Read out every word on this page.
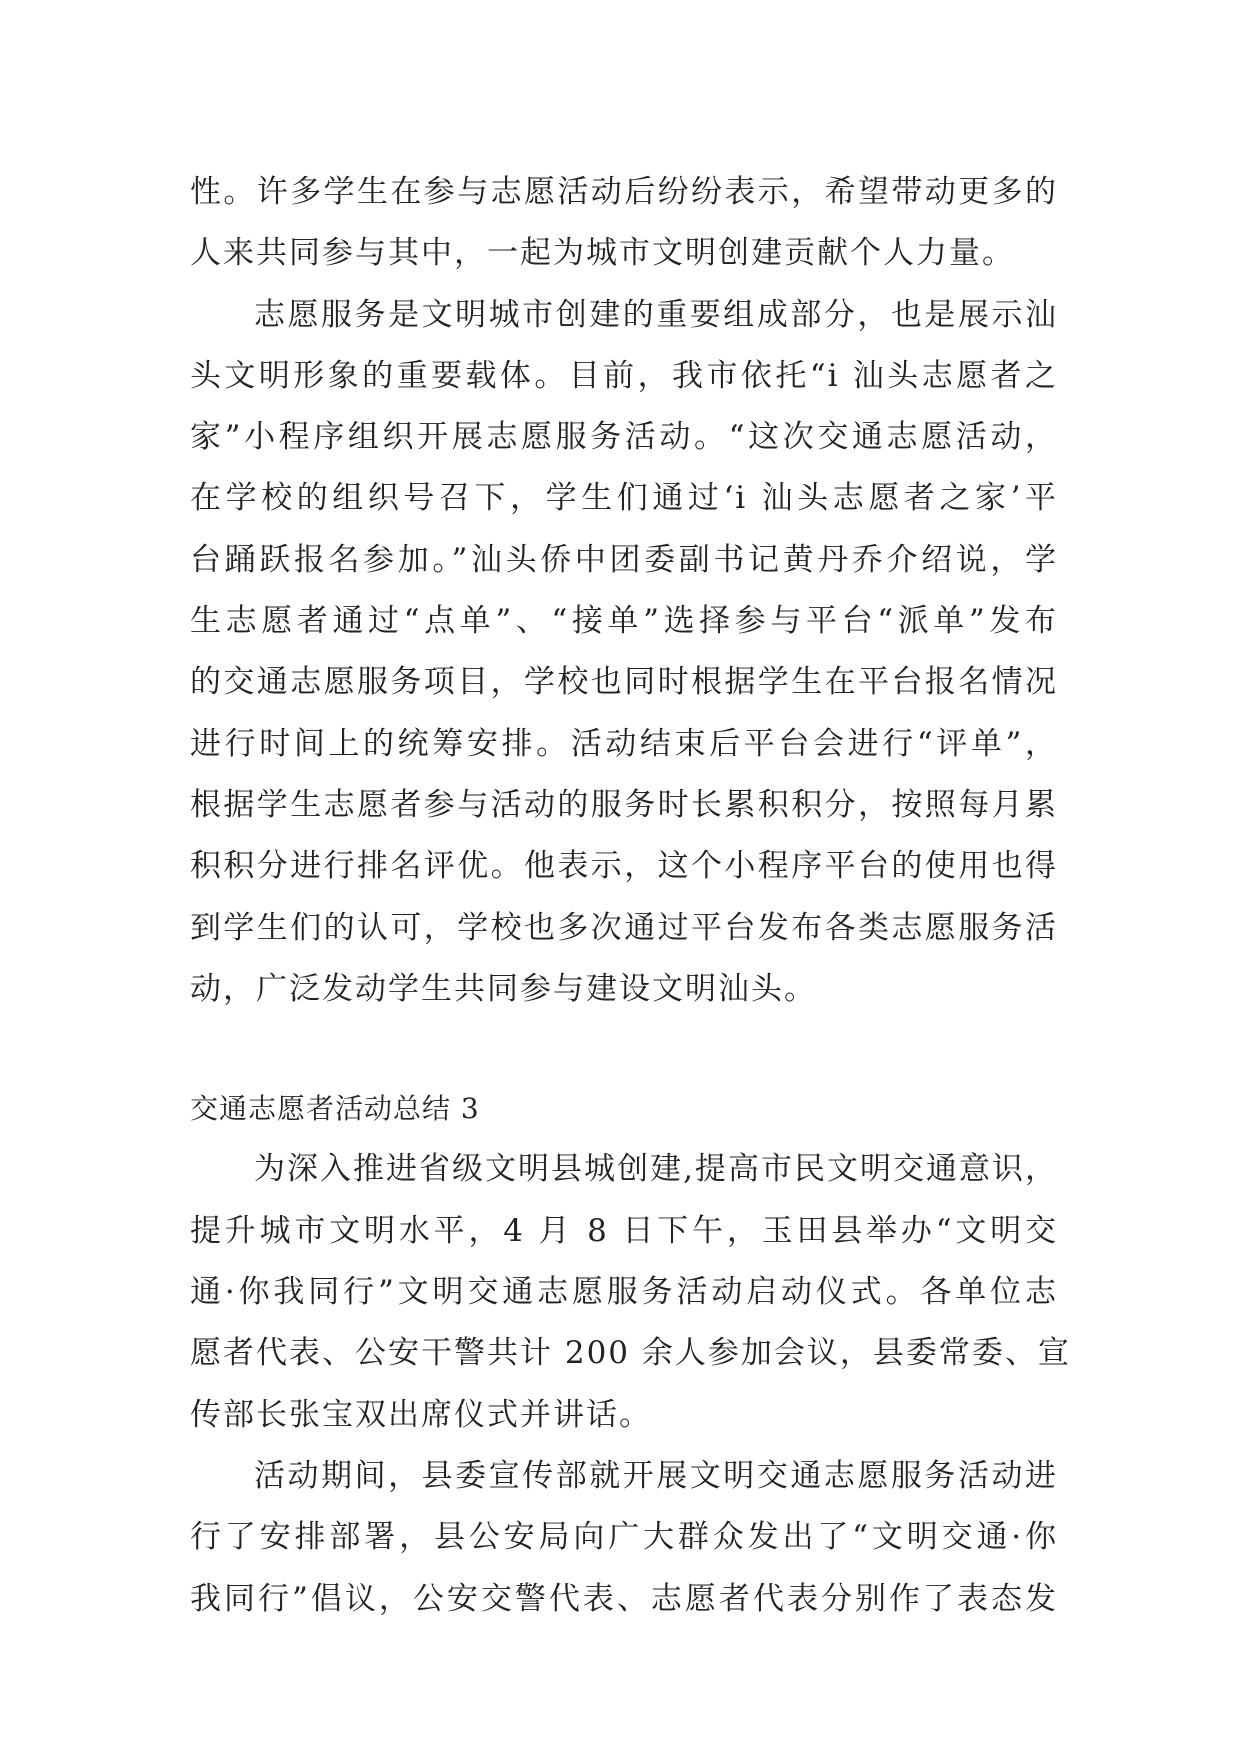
性。许多学生在参与志愿活动后纷纷表示，希望带动更多的
人来共同参与其中，一起为城市文明创建贡献个人力量。
志愿服务是文明城市创建的重要组成部分，也是展示汕
头文明形象的重要载体。目前，我市依托“i 汕头志愿者之
家”小程序组织开展志愿服务活动。“这次交通志愿活动，
在学校的组织号召下，学生们通过‘i 汕头志愿者之家’平
台踊跃报名参加。”汕头侨中团委副书记黄丹乔介绍说，学
生志愿者通过“点单”、“接单”选择参与平台“派单”发布
的交通志愿服务项目，学校也同时根据学生在平台报名情况
进行时间上的统筹安排。活动结束后平台会进行“评单”，
根据学生志愿者参与活动的服务时长累积积分，按照每月累
积积分进行排名评优。他表示，这个小程序平台的使用也得
到学生们的认可，学校也多次通过平台发布各类志愿服务活
动，广泛发动学生共同参与建设文明汕头。
交通志愿者活动总结 3
为深入推进省级文明县城创建,提高市民文明交通意识，
提升城市文明水平，4 月 8 日下午，玉田县举办“文明交
通·你我同行”文明交通志愿服务活动启动仪式。各单位志
愿者代表、公安干警共计 200 余人参加会议，县委常委、宣
传部长张宝双出席仪式并讲话。
活动期间，县委宣传部就开展文明交通志愿服务活动进
行了安排部署，县公安局向广大群众发出了“文明交通·你
我同行”倡议，公安交警代表、志愿者代表分别作了表态发
